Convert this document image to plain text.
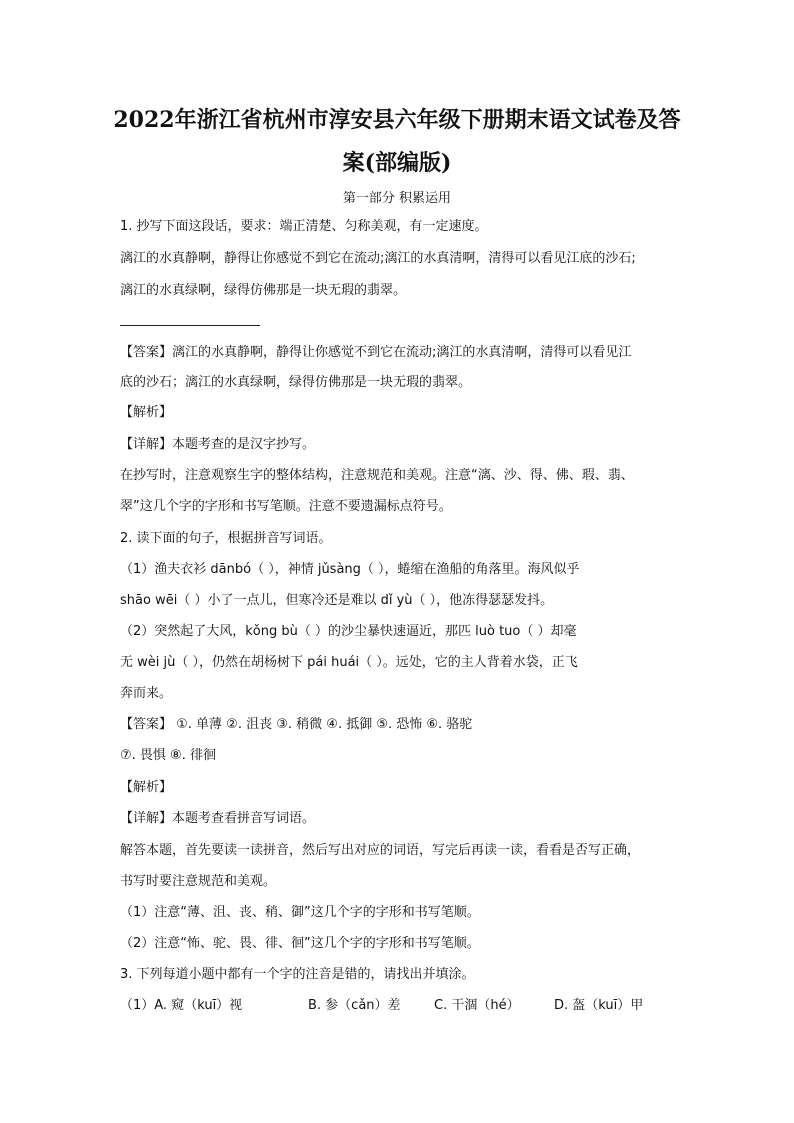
2022年浙江省杭州市淳安县六年级下册期末语文试卷及答
案(部编版)
第一部分 积累运用
1. 抄写下面这段话，要求：端正清楚、匀称美观，有一定速度。
漓江的水真静啊，静得让你感觉不到它在流动;漓江的水真清啊，清得可以看见江底的沙石;
漓江的水真绿啊，绿得仿佛那是一块无瑕的翡翠。
【答案】漓江的水真静啊，静得让你感觉不到它在流动;漓江的水真清啊，清得可以看见江
底的沙石；漓江的水真绿啊，绿得仿佛那是一块无瑕的翡翠。
【解析】
【详解】本题考查的是汉字抄写。
在抄写时，注意观察生字的整体结构，注意规范和美观。注意“漓、沙、得、佛、瑕、翡、
翠”这几个字的字形和书写笔顺。注意不要遗漏标点符号。
2. 读下面的句子，根据拼音写词语。
（1）渔夫衣衫 dānbó（ ），神情 jǔsàng（ ），蜷缩在渔船的角落里。海风似乎
shāo wēi（ ）小了一点儿，但寒冷还是难以 dǐ yù（ ），他冻得瑟瑟发抖。
（2）突然起了大风，kǒng bù（ ）的沙尘暴快速逼近，那匹 luò tuo（ ）却毫
无 wèi jù（ ），仍然在胡杨树下 pái huái（ ）。远处，它的主人背着水袋，正飞
奔而来。
【答案】 ①. 单薄 ②. 沮丧 ③. 稍微 ④. 抵御 ⑤. 恐怖 ⑥. 骆驼
⑦. 畏惧 ⑧. 徘徊
【解析】
【详解】本题考查看拼音写词语。
解答本题，首先要读一读拼音，然后写出对应的词语，写完后再读一读，看看是否写正确，
书写时要注意规范和美观。
（1）注意“薄、沮、丧、稍、御”这几个字的字形和书写笔顺。
（2）注意“怖、驼、畏、徘、徊”这几个字的字形和书写笔顺。
3. 下列每道小题中都有一个字的注音是错的，请找出并填涂。
（1）A. 窥（kuī）视	B. 参（cǎn）差	C. 干涸（hé）	D. 盔（kuī）甲
